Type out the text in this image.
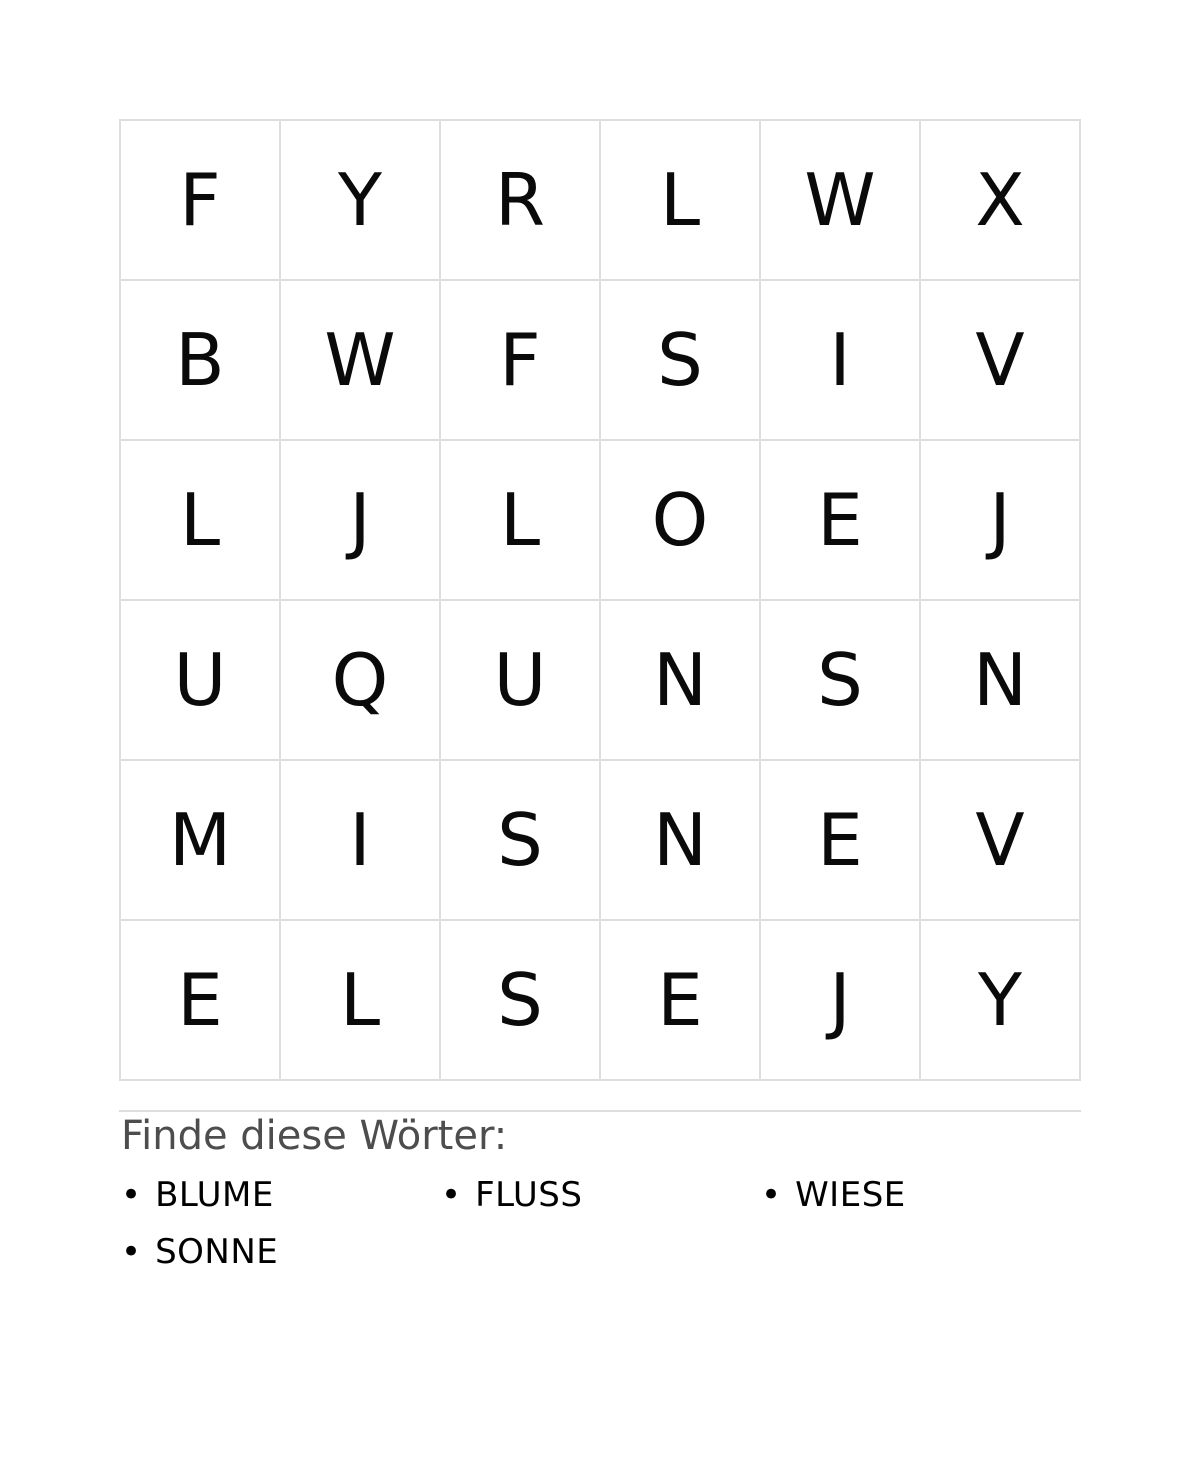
F	Y	R	L	W	X
B	W	F	S	I	V
L	J	L	O	E	J
U	Q	U	N	S	N
M	I	S	N	E	V
E	L	S	E	J	Y
Finde diese Wörter:
• BLUME	• FLUSS	• WIESE
• SONNE
